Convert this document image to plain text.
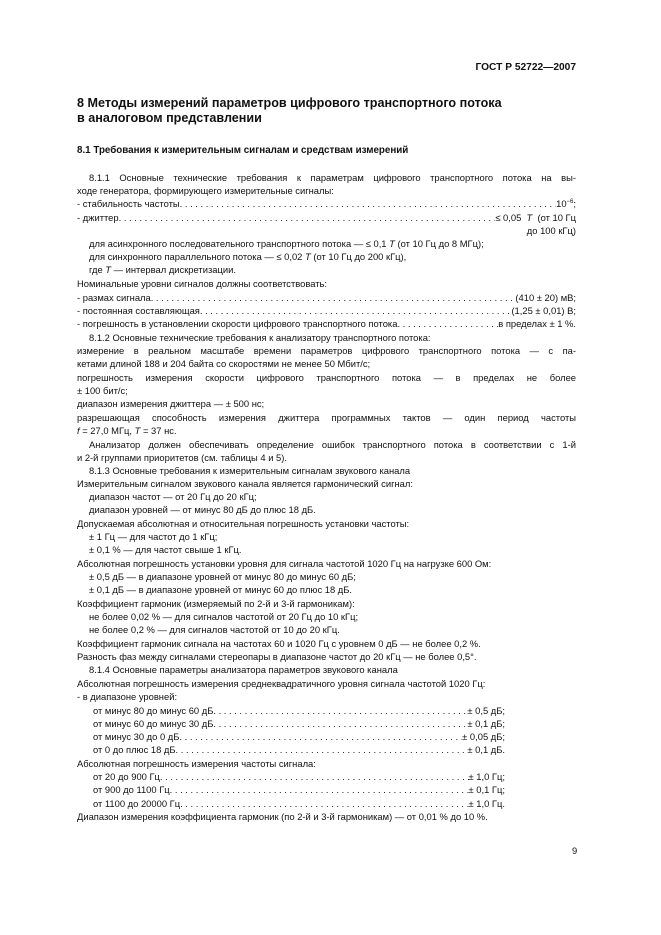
ГОСТ Р 52722—2007
8 Методы измерений параметров цифрового транспортного потока
в аналоговом представлении
8.1 Требования к измерительным сигналам и средствам измерений
8.1.1 Основные технические требования к параметрам цифрового транспортного потока на вы-
ходе генератора, формирующего измерительные сигналы:
- стабильность частоты . . .	$10^{-6}$;
- джиттер . . .	≤ 0,05 T (от 10 Гц
до 100 кГц)
для асинхронного последовательного транспортного потока — ≤ 0,1 T (от 10 Гц до 8 МГц);
для синхронного параллельного потока — ≤ 0,02 T (от 10 Гц до 200 кГц),
где T — интервал дискретизации.
Номинальные уровни сигналов должны соответствовать:
- размах сигнала . . .	(410 ± 20) мВ;
- постоянная составляющая . . .	(1,25 ± 0,01) В;
- погрешность в установлении скорости цифрового транспортного потока . . .	в пределах ± 1 %.
8.1.2 Основные технические требования к анализатору транспортного потока:
измерение в реальном масштабе времени параметров цифрового транспортного потока — с па-
кетами длиной 188 и 204 байта со скоростями не менее 50 Мбит/с;
погрешность измерения скорости цифрового транспортного потока — в пределах не более
± 100 бит/с;
диапазон измерения джиттера — ± 500 нс;
разрешающая способность измерения джиттера программных тактов — один период частоты
f = 27,0 МГц, T = 37 нс.
Анализатор должен обеспечивать определение ошибок транспортного потока в соответствии с 1-й
и 2-й группами приоритетов (см. таблицы 4 и 5).
8.1.3 Основные требования к измерительным сигналам звукового канала
Измерительным сигналом звукового канала является гармонический сигнал:
диапазон частот — от 20 Гц до 20 кГц;
диапазон уровней — от минус 80 дБ до плюс 18 дБ.
Допускаемая абсолютная и относительная погрешность установки частоты:
± 1 Гц — для частот до 1 кГц;
± 0,1 % — для частот свыше 1 кГц.
Абсолютная погрешность установки уровня для сигнала частотой 1020 Гц на нагрузке 600 Ом:
± 0,5 дБ — в диапазоне уровней от минус 80 до минус 60 дБ;
± 0,1 дБ — в диапазоне уровней от минус 60 до плюс 18 дБ.
Коэффициент гармоник (измеряемый по 2-й и 3-й гармоникам):
не более 0,02 % — для сигналов частотой от 20 Гц до 10 кГц;
не более 0,2 % — для сигналов частотой от 10 до 20 кГц.
Коэффициент гармоник сигнала на частотах 60 и 1020 Гц с уровнем 0 дБ — не более 0,2 %.
Разность фаз между сигналами стереопары в диапазоне частот до 20 кГц — не более 0,5°.
8.1.4 Основные параметры анализатора параметров звукового канала
Абсолютная погрешность измерения среднеквадратичного уровня сигнала частотой 1020 Гц:
- в диапазоне уровней:
от минус 80 до минус 60 дБ . . .	± 0,5 дБ;
от минус 60 до минус 30 дБ . . .	± 0,1 дБ;
от минус 30 до 0 дБ . . .	± 0,05 дБ;
от 0 до плюс 18 дБ . . .	± 0,1 дБ.
Абсолютная погрешность измерения частоты сигнала:
от 20 до 900 Гц . . .	± 1,0 Гц;
от 900 до 1100 Гц . . .	± 0,1 Гц;
от 1100 до 20000 Гц . . .	± 1,0 Гц.
Диапазон измерения коэффициента гармоник (по 2-й и 3-й гармоникам) — от 0,01 % до 10 %.
9
